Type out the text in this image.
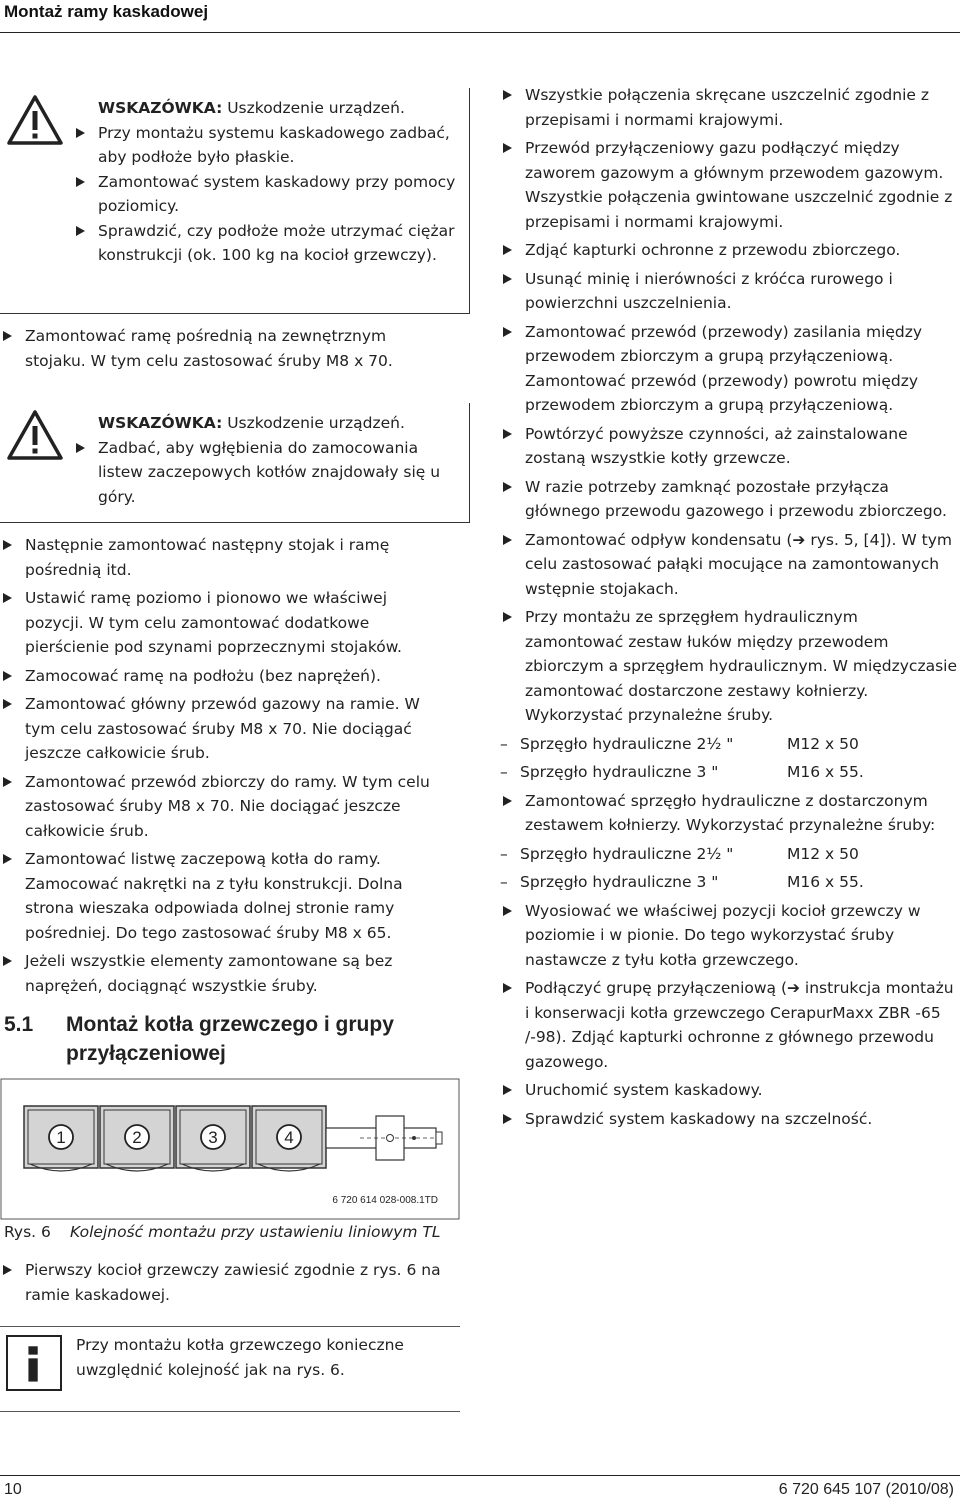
Montaż ramy kaskadowej
WSKAZÓWKA: Uszkodzenie urządzeń.
Przy montażu systemu kaskadowego zadbać, aby podłoże było płaskie.
Zamontować system kaskadowy przy pomocy poziomicy.
Sprawdzić, czy podłoże może utrzymać ciężar konstrukcji (ok. 100 kg na kocioł grzewczy).
Zamontować ramę pośrednią na zewnętrznym stojaku. W tym celu zastosować śruby M8 x 70.
WSKAZÓWKA: Uszkodzenie urządzeń.
Zadbać, aby wgłębienia do zamocowania listew zaczepowych kotłów znajdowały się u góry.
Następnie zamontować następny stojak i ramę pośrednią itd.
Ustawić ramę poziomo i pionowo we właściwej pozycji. W tym celu zamontować dodatkowe pierścienie pod szynami poprzecznymi stojaków.
Zamocować ramę na podłożu (bez naprężeń).
Zamontować główny przewód gazowy na ramie. W tym celu zastosować śruby M8 x 70. Nie dociągać jeszcze całkowicie śrub.
Zamontować przewód zbiorczy do ramy. W tym celu zastosować śruby M8 x 70. Nie dociągać jeszcze całkowicie śrub.
Zamontować listwę zaczepową kotła do ramy. Zamocować nakrętki na z tyłu konstrukcji. Dolna strona wieszaka odpowiada dolnej stronie ramy pośredniej. Do tego zastosować śruby M8 x 65.
Jeżeli wszystkie elementy zamontowane są bez naprężeń, dociągnąć wszystkie śruby.
5.1 Montaż kotła grzewczego i grupy przyłączeniowej
1	2	3	4
6 720 614 028-008.1TD
Rys. 6 Kolejność montażu przy ustawieniu liniowym TL
Pierwszy kocioł grzewczy zawiesić zgodnie z rys. 6 na ramie kaskadowej.
Przy montażu kotła grzewczego konieczne uwzględnić kolejność jak na rys. 6.
Wszystkie połączenia skręcane uszczelnić zgodnie z przepisami i normami krajowymi.
Przewód przyłączeniowy gazu podłączyć między zaworem gazowym a głównym przewodem gazowym. Wszystkie połączenia gwintowane uszczelnić zgodnie z przepisami i normami krajowymi.
Zdjąć kapturki ochronne z przewodu zbiorczego.
Usunąć minię i nierówności z króćca rurowego i powierzchni uszczelnienia.
Zamontować przewód (przewody) zasilania między przewodem zbiorczym a grupą przyłączeniową. Zamontować przewód (przewody) powrotu między przewodem zbiorczym a grupą przyłączeniową.
Powtórzyć powyższe czynności, aż zainstalowane zostaną wszystkie kotły grzewcze.
W razie potrzeby zamknąć pozostałe przyłącza głównego przewodu gazowego i przewodu zbiorczego.
Zamontować odpływ kondensatu (➔ rys. 5, [4]). W tym celu zastosować pałąki mocujące na zamontowanych wstępnie stojakach.
Przy montażu ze sprzęgłem hydraulicznym zamontować zestaw łuków między przewodem zbiorczym a sprzęgłem hydraulicznym. W międzyczasie zamontować dostarczone zestawy kołnierzy. Wykorzystać przynależne śruby.
– Sprzęgło hydrauliczne 2½ "	M12 x 50
– Sprzęgło hydrauliczne 3 "	M16 x 55.
Zamontować sprzęgło hydrauliczne z dostarczonym zestawem kołnierzy. Wykorzystać przynależne śruby:
– Sprzęgło hydrauliczne 2½ "	M12 x 50
– Sprzęgło hydrauliczne 3 "	M16 x 55.
Wyosiować we właściwej pozycji kocioł grzewczy w poziomie i w pionie. Do tego wykorzystać śruby nastawcze z tyłu kotła grzewczego.
Podłączyć grupę przyłączeniową (➔ instrukcja montażu i konserwacji kotła grzewczego CerapurMaxx ZBR -65 /-98). Zdjąć kapturki ochronne z głównego przewodu gazowego.
Uruchomić system kaskadowy.
Sprawdzić system kaskadowy na szczelność.
10	6 720 645 107 (2010/08)
